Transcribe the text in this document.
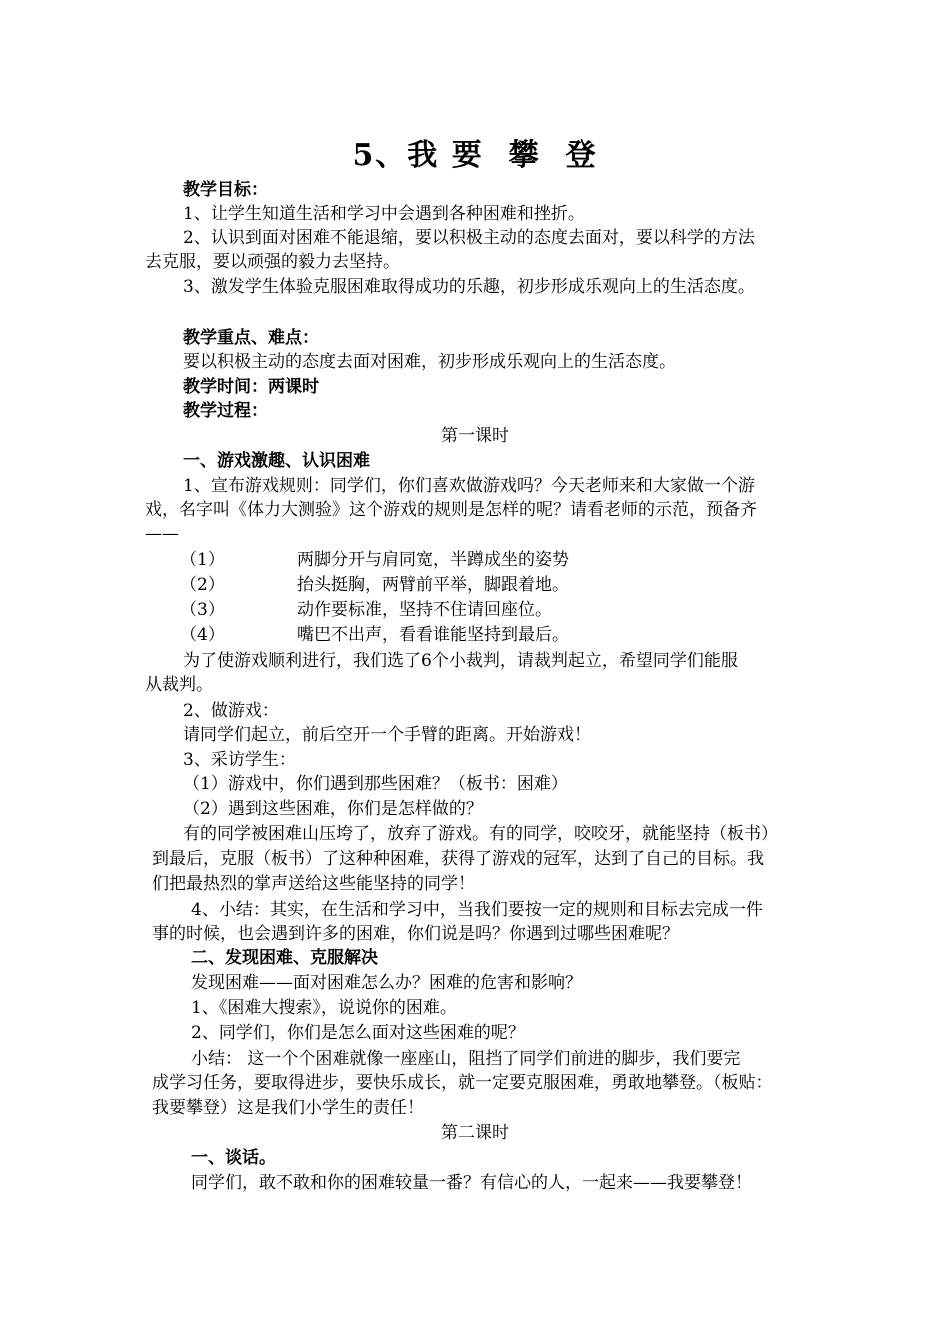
5、我 要  攀  登
教学目标：
1、让学生知道生活和学习中会遇到各种困难和挫折。
2、认识到面对困难不能退缩，要以积极主动的态度去面对，要以科学的方法
去克服，要以顽强的毅力去坚持。
3、激发学生体验克服困难取得成功的乐趣，初步形成乐观向上的生活态度。
教学重点、难点：
要以积极主动的态度去面对困难，初步形成乐观向上的生活态度。
教学时间：两课时
教学过程：
第一课时
一、游戏激趣、认识困难
1、宣布游戏规则：同学们，你们喜欢做游戏吗？今天老师来和大家做一个游
戏，名字叫《体力大测验》这个游戏的规则是怎样的呢？请看老师的示范，预备齐
——
（1）	两脚分开与肩同宽，半蹲成坐的姿势
（2）	抬头挺胸，两臂前平举，脚跟着地。
（3）	动作要标准，坚持不住请回座位。
（4）	嘴巴不出声，看看谁能坚持到最后。
为了使游戏顺利进行，我们选了6个小裁判，请裁判起立，希望同学们能服
从裁判。
2、做游戏：
请同学们起立，前后空开一个手臂的距离。开始游戏！
3、采访学生：
（1）游戏中，你们遇到那些困难？（板书：困难）
（2）遇到这些困难，你们是怎样做的？
有的同学被困难山压垮了，放弃了游戏。有的同学，咬咬牙，就能坚持（板书）
到最后，克服（板书）了这种种困难，获得了游戏的冠军，达到了自己的目标。我
们把最热烈的掌声送给这些能坚持的同学！
4、小结：其实，在生活和学习中，当我们要按一定的规则和目标去完成一件
事的时候，也会遇到许多的困难，你们说是吗？你遇到过哪些困难呢？
二、发现困难、克服解决
发现困难——面对困难怎么办？困难的危害和影响？
1、《困难大搜索》，说说你的困难。
2、同学们，你们是怎么面对这些困难的呢？
小结： 这一个个困难就像一座座山，阻挡了同学们前进的脚步，我们要完
成学习任务，要取得进步，要快乐成长，就一定要克服困难，勇敢地攀登。（板贴：
我要攀登）这是我们小学生的责任！
第二课时
一、谈话。
同学们，敢不敢和你的困难较量一番？有信心的人，一起来——我要攀登！
